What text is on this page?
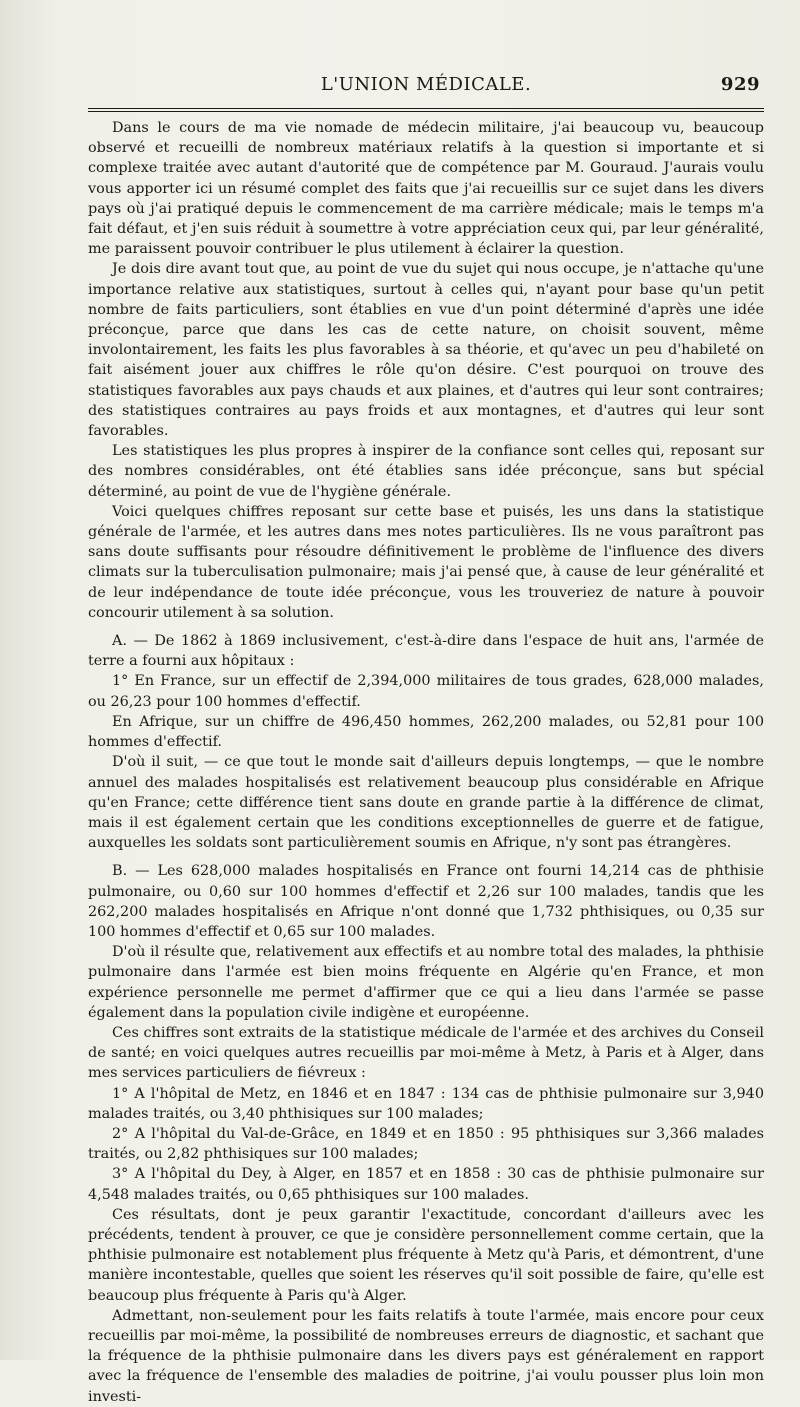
L'UNION MÉDICALE.	929

Dans le cours de ma vie nomade de médecin militaire, j'ai beaucoup vu, beaucoup observé et recueilli de nombreux matériaux relatifs à la question si importante et si complexe traitée avec autant d'autorité que de compétence par M. Gouraud. J'aurais voulu vous apporter ici un résumé complet des faits que j'ai recueillis sur ce sujet dans les divers pays où j'ai pratiqué depuis le commencement de ma carrière médicale; mais le temps m'a fait défaut, et j'en suis réduit à soumettre à votre appréciation ceux qui, par leur généralité, me paraissent pouvoir contribuer le plus utilement à éclairer la question.

Je dois dire avant tout que, au point de vue du sujet qui nous occupe, je n'attache qu'une importance relative aux statistiques, surtout à celles qui, n'ayant pour base qu'un petit nombre de faits particuliers, sont établies en vue d'un point déterminé d'après une idée préconçue, parce que dans les cas de cette nature, on choisit souvent, même involontairement, les faits les plus favorables à sa théorie, et qu'avec un peu d'habileté on fait aisément jouer aux chiffres le rôle qu'on désire. C'est pourquoi on trouve des statistiques favorables aux pays chauds et aux plaines, et d'autres qui leur sont contraires; des statistiques contraires au pays froids et aux montagnes, et d'autres qui leur sont favorables.

Les statistiques les plus propres à inspirer de la confiance sont celles qui, reposant sur des nombres considérables, ont été établies sans idée préconçue, sans but spécial déterminé, au point de vue de l'hygiène générale.

Voici quelques chiffres reposant sur cette base et puisés, les uns dans la statistique générale de l'armée, et les autres dans mes notes particulières. Ils ne vous paraîtront pas sans doute suffisants pour résoudre définitivement le problème de l'influence des divers climats sur la tuberculisation pulmonaire; mais j'ai pensé que, à cause de leur généralité et de leur indépendance de toute idée préconçue, vous les trouveriez de nature à pouvoir concourir utilement à sa solution.

A. — De 1862 à 1869 inclusivement, c'est-à-dire dans l'espace de huit ans, l'armée de terre a fourni aux hôpitaux :

1° En France, sur un effectif de 2,394,000 militaires de tous grades, 628,000 malades, ou 26,23 pour 100 hommes d'effectif.

En Afrique, sur un chiffre de 496,450 hommes, 262,200 malades, ou 52,81 pour 100 hommes d'effectif.

D'où il suit, — ce que tout le monde sait d'ailleurs depuis longtemps, — que le nombre annuel des malades hospitalisés est relativement beaucoup plus considérable en Afrique qu'en France; cette différence tient sans doute en grande partie à la différence de climat, mais il est également certain que les conditions exceptionnelles de guerre et de fatigue, auxquelles les soldats sont particulièrement soumis en Afrique, n'y sont pas étrangères.

B. — Les 628,000 malades hospitalisés en France ont fourni 14,214 cas de phthisie pulmonaire, ou 0,60 sur 100 hommes d'effectif et 2,26 sur 100 malades, tandis que les 262,200 malades hospitalisés en Afrique n'ont donné que 1,732 phthisiques, ou 0,35 sur 100 hommes d'effectif et 0,65 sur 100 malades.

D'où il résulte que, relativement aux effectifs et au nombre total des malades, la phthisie pulmonaire dans l'armée est bien moins fréquente en Algérie qu'en France, et mon expérience personnelle me permet d'affirmer que ce qui a lieu dans l'armée se passe également dans la population civile indigène et européenne.

Ces chiffres sont extraits de la statistique médicale de l'armée et des archives du Conseil de santé; en voici quelques autres recueillis par moi-même à Metz, à Paris et à Alger, dans mes services particuliers de fiévreux :

1° A l'hôpital de Metz, en 1846 et en 1847 : 134 cas de phthisie pulmonaire sur 3,940 malades traités, ou 3,40 phthisiques sur 100 malades;

2° A l'hôpital du Val-de-Grâce, en 1849 et en 1850 : 95 phthisiques sur 3,366 malades traités, ou 2,82 phthisiques sur 100 malades;

3° A l'hôpital du Dey, à Alger, en 1857 et en 1858 : 30 cas de phthisie pulmonaire sur 4,548 malades traités, ou 0,65 phthisiques sur 100 malades.

Ces résultats, dont je peux garantir l'exactitude, concordant d'ailleurs avec les précédents, tendent à prouver, ce que je considère personnellement comme certain, que la phthisie pulmonaire est notablement plus fréquente à Metz qu'à Paris, et démontrent, d'une manière incontestable, quelles que soient les réserves qu'il soit possible de faire, qu'elle est beaucoup plus fréquente à Paris qu'à Alger.

Admettant, non-seulement pour les faits relatifs à toute l'armée, mais encore pour ceux recueillis par moi-même, la possibilité de nombreuses erreurs de diagnostic, et sachant que la fréquence de la phthisie pulmonaire dans les divers pays est généralement en rapport avec la fréquence de l'ensemble des maladies de poitrine, j'ai voulu pousser plus loin mon investi-
